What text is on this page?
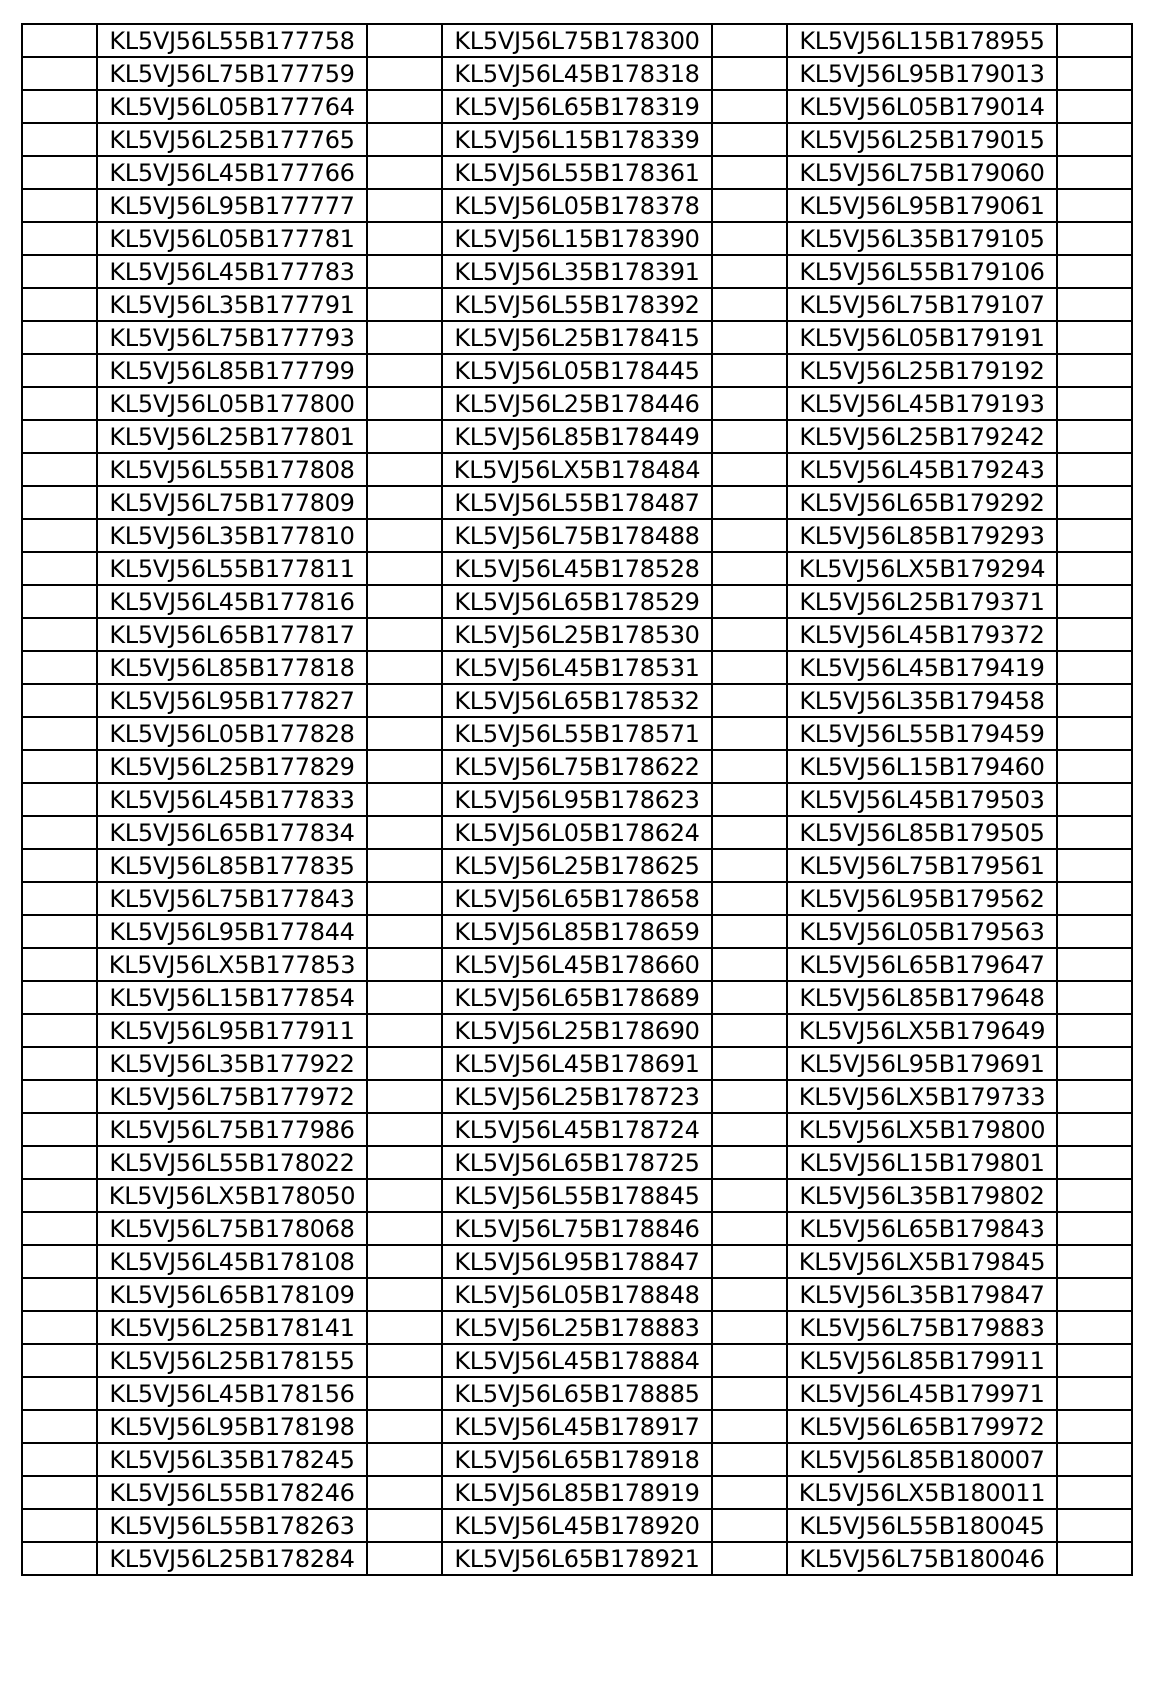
	KL5VJ56L55B177758		KL5VJ56L75B178300		KL5VJ56L15B178955	
	KL5VJ56L75B177759		KL5VJ56L45B178318		KL5VJ56L95B179013	
	KL5VJ56L05B177764		KL5VJ56L65B178319		KL5VJ56L05B179014	
	KL5VJ56L25B177765		KL5VJ56L15B178339		KL5VJ56L25B179015	
	KL5VJ56L45B177766		KL5VJ56L55B178361		KL5VJ56L75B179060	
	KL5VJ56L95B177777		KL5VJ56L05B178378		KL5VJ56L95B179061	
	KL5VJ56L05B177781		KL5VJ56L15B178390		KL5VJ56L35B179105	
	KL5VJ56L45B177783		KL5VJ56L35B178391		KL5VJ56L55B179106	
	KL5VJ56L35B177791		KL5VJ56L55B178392		KL5VJ56L75B179107	
	KL5VJ56L75B177793		KL5VJ56L25B178415		KL5VJ56L05B179191	
	KL5VJ56L85B177799		KL5VJ56L05B178445		KL5VJ56L25B179192	
	KL5VJ56L05B177800		KL5VJ56L25B178446		KL5VJ56L45B179193	
	KL5VJ56L25B177801		KL5VJ56L85B178449		KL5VJ56L25B179242	
	KL5VJ56L55B177808		KL5VJ56LX5B178484		KL5VJ56L45B179243	
	KL5VJ56L75B177809		KL5VJ56L55B178487		KL5VJ56L65B179292	
	KL5VJ56L35B177810		KL5VJ56L75B178488		KL5VJ56L85B179293	
	KL5VJ56L55B177811		KL5VJ56L45B178528		KL5VJ56LX5B179294	
	KL5VJ56L45B177816		KL5VJ56L65B178529		KL5VJ56L25B179371	
	KL5VJ56L65B177817		KL5VJ56L25B178530		KL5VJ56L45B179372	
	KL5VJ56L85B177818		KL5VJ56L45B178531		KL5VJ56L45B179419	
	KL5VJ56L95B177827		KL5VJ56L65B178532		KL5VJ56L35B179458	
	KL5VJ56L05B177828		KL5VJ56L55B178571		KL5VJ56L55B179459	
	KL5VJ56L25B177829		KL5VJ56L75B178622		KL5VJ56L15B179460	
	KL5VJ56L45B177833		KL5VJ56L95B178623		KL5VJ56L45B179503	
	KL5VJ56L65B177834		KL5VJ56L05B178624		KL5VJ56L85B179505	
	KL5VJ56L85B177835		KL5VJ56L25B178625		KL5VJ56L75B179561	
	KL5VJ56L75B177843		KL5VJ56L65B178658		KL5VJ56L95B179562	
	KL5VJ56L95B177844		KL5VJ56L85B178659		KL5VJ56L05B179563	
	KL5VJ56LX5B177853		KL5VJ56L45B178660		KL5VJ56L65B179647	
	KL5VJ56L15B177854		KL5VJ56L65B178689		KL5VJ56L85B179648	
	KL5VJ56L95B177911		KL5VJ56L25B178690		KL5VJ56LX5B179649	
	KL5VJ56L35B177922		KL5VJ56L45B178691		KL5VJ56L95B179691	
	KL5VJ56L75B177972		KL5VJ56L25B178723		KL5VJ56LX5B179733	
	KL5VJ56L75B177986		KL5VJ56L45B178724		KL5VJ56LX5B179800	
	KL5VJ56L55B178022		KL5VJ56L65B178725		KL5VJ56L15B179801	
	KL5VJ56LX5B178050		KL5VJ56L55B178845		KL5VJ56L35B179802	
	KL5VJ56L75B178068		KL5VJ56L75B178846		KL5VJ56L65B179843	
	KL5VJ56L45B178108		KL5VJ56L95B178847		KL5VJ56LX5B179845	
	KL5VJ56L65B178109		KL5VJ56L05B178848		KL5VJ56L35B179847	
	KL5VJ56L25B178141		KL5VJ56L25B178883		KL5VJ56L75B179883	
	KL5VJ56L25B178155		KL5VJ56L45B178884		KL5VJ56L85B179911	
	KL5VJ56L45B178156		KL5VJ56L65B178885		KL5VJ56L45B179971	
	KL5VJ56L95B178198		KL5VJ56L45B178917		KL5VJ56L65B179972	
	KL5VJ56L35B178245		KL5VJ56L65B178918		KL5VJ56L85B180007	
	KL5VJ56L55B178246		KL5VJ56L85B178919		KL5VJ56LX5B180011	
	KL5VJ56L55B178263		KL5VJ56L45B178920		KL5VJ56L55B180045	
	KL5VJ56L25B178284		KL5VJ56L65B178921		KL5VJ56L75B180046	
